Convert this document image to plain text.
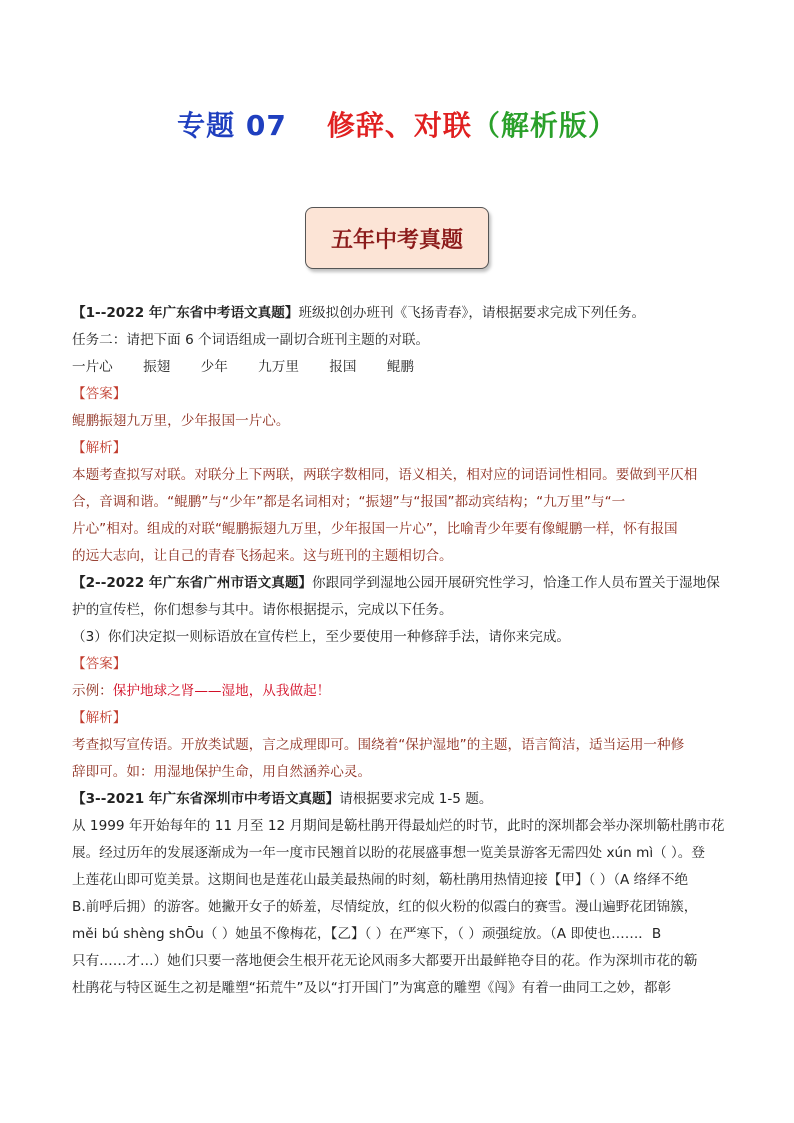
专题 07 修辞、对联（解析版）
五年中考真题
【1--2022 年广东省中考语文真题】班级拟创办班刊《飞扬青春》，请根据要求完成下列任务。
任务二：请把下面 6 个词语组成一副切合班刊主题的对联。
一片心 振翅 少年 九万里 报国 鲲鹏
【答案】
鲲鹏振翅九万里，少年报国一片心。
【解析】
本题考查拟写对联。对联分上下两联，两联字数相同，语义相关，相对应的词语词性相同。要做到平仄相
合，音调和谐。“鲲鹏”与“少年”都是名词相对；“振翅”与“报国”都动宾结构；“九万里”与“一
片心”相对。组成的对联“鲲鹏振翅九万里，少年报国一片心”，比喻青少年要有像鲲鹏一样，怀有报国
的远大志向，让自己的青春飞扬起来。这与班刊的主题相切合。
【2--2022 年广东省广州市语文真题】你跟同学到湿地公园开展研究性学习，恰逢工作人员布置关于湿地保
护的宣传栏，你们想参与其中。请你根据提示，完成以下任务。
（3）你们决定拟一则标语放在宣传栏上，至少要使用一种修辞手法，请你来完成。
【答案】
示例：保护地球之肾——湿地，从我做起！
【解析】
考查拟写宣传语。开放类试题，言之成理即可。围绕着“保护湿地”的主题，语言简洁，适当运用一种修
辞即可。如：用湿地保护生命，用自然涵养心灵。
【3--2021 年广东省深圳市中考语文真题】请根据要求完成 1-5 题。
从 1999 年开始每年的 11 月至 12 月期间是簕杜鹃开得最灿烂的时节，此时的深圳都会举办深圳簕杜鹃市花
展。经过历年的发展逐渐成为一年一度市民翘首以盼的花展盛事想一览美景游客无需四处 xún mì（ ）。登
上莲花山即可览美景。这期间也是莲花山最美最热闹的时刻，簕杜鹃用热情迎接【甲】（ ）（A 络绎不绝
B.前呼后拥）的游客。她撇开女子的娇羞，尽情绽放，红的似火粉的似霞白的赛雪。漫山遍野花团锦簇，
měi bú shèng shŌu（ ）她虽不像梅花，【乙】（ ）在严寒下，（ ）顽强绽放。（A 即使也……．B
只有……才…）她们只要一落地便会生根开花无论风雨多大都要开出最鲜艳夺目的花。作为深圳市花的簕
杜鹃花与特区诞生之初是雕塑“拓荒牛”及以“打开国门”为寓意的雕塑《闯》有着一曲同工之妙，都彰
